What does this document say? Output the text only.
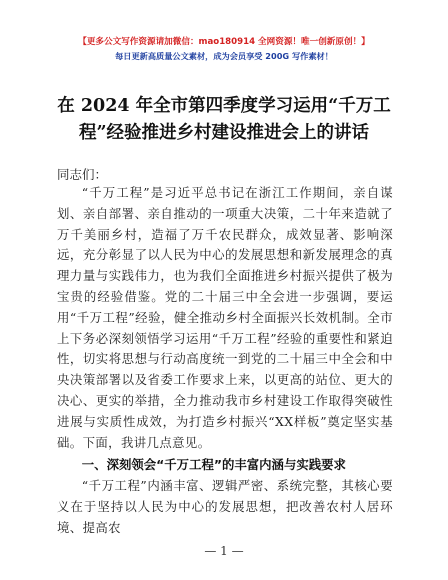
【更多公文写作资源请加微信：mao180914 全网资源！唯一创新原创！】
每日更新高质量公文素材，成为会员享受 200G 写作素材！
在 2024 年全市第四季度学习运用“千万工程”经验推进乡村建设推进会上的讲话
同志们：

“千万工程”是习近平总书记在浙江工作期间，亲自谋划、亲自部署、亲自推动的一项重大决策，二十年来造就了万千美丽乡村，造福了万千农民群众，成效显著、影响深远，充分彰显了以人民为中心的发展思想和新发展理念的真理力量与实践伟力，也为我们全面推进乡村振兴提供了极为宝贵的经验借鉴。党的二十届三中全会进一步强调，要运用“千万工程”经验，健全推动乡村全面振兴长效机制。全市上下务必深刻领悟学习运用“千万工程”经验的重要性和紧迫性，切实将思想与行动高度统一到党的二十届三中全会和中央决策部署以及省委工作要求上来，以更高的站位、更大的决心、更实的举措，全力推动我市乡村建设工作取得突破性进展与实质性成效，为打造乡村振兴“XX样板”奠定坚实基础。下面，我讲几点意见。

一、深刻领会“千万工程”的丰富内涵与实践要求

“千万工程”内涵丰富、逻辑严密、系统完整，其核心要义在于坚持以人民为中心的发展思想，把改善农村人居环境、提高农

— 1 —
